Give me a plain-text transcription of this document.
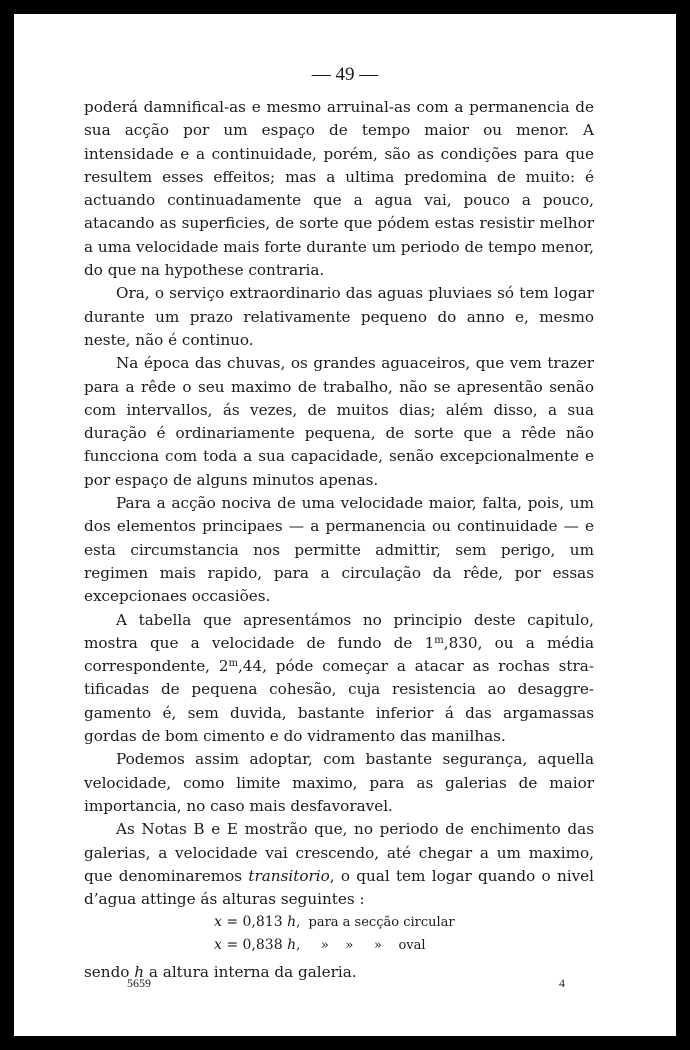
— 49 —

poderá damnifical-as e mesmo arruinal-as com a permanencia de sua acção por um espaço de tempo maior ou menor. A intensidade e a continuidade, porém, são as condições para que resultem esses effeitos; mas a ultima predomina de muito: é actuando continuadamente que a agua vai, pouco a pouco, atacando as superficies, de sorte que pódem estas resistir melhor a uma velocidade mais forte durante um periodo de tempo menor, do que na hypothese contraria.

Ora, o serviço extraordinario das aguas pluviaes só tem logar durante um prazo relativamente pequeno do anno e, mesmo neste, não é continuo.

Na época das chuvas, os grandes aguaceiros, que vem trazer para a rêde o seu maximo de trabalho, não se apresentão senão com intervallos, ás vezes, de muitos dias; além disso, a sua duração é ordinariamente pequena, de sorte que a rêde não funcciona com toda a sua capacidade, senão excepcionalmente e por espaço de alguns minutos apenas.

Para a acção nociva de uma velocidade maior, falta, pois, um dos elementos principaes — a permanencia ou continuidade — e esta circumstancia nos permitte admittir, sem perigo, um regimen mais rapido, para a circulação da rêde, por essas excepcionaes occasiões.

A tabella que apresentámos no principio deste capitulo, mostra que a velocidade de fundo de 1$^m$,830, ou a média correspondente, 2$^m$,44, póde começar a atacar as rochas stratificadas de pequena cohesão, cuja resistencia ao desaggregamento é, sem duvida, bastante inferior á das argamassas gordas de bom cimento e do vidramento das manilhas.

Podemos assim adoptar, com bastante segurança, aquella velocidade, como limite maximo, para as galerias de maior importancia, no caso mais desfavoravel.

As Notas B e E mostrão que, no periodo de enchimento das galerias, a velocidade vai crescendo, até chegar a um maximo, que denominaremos transitorio, o qual tem logar quando o nivel d’agua attinge ás alturas seguintes :

x = 0,813 h,  para a secção circular
x = 0,838 h,     »    »     »    oval

sendo h a altura interna da galeria.

5659	4
